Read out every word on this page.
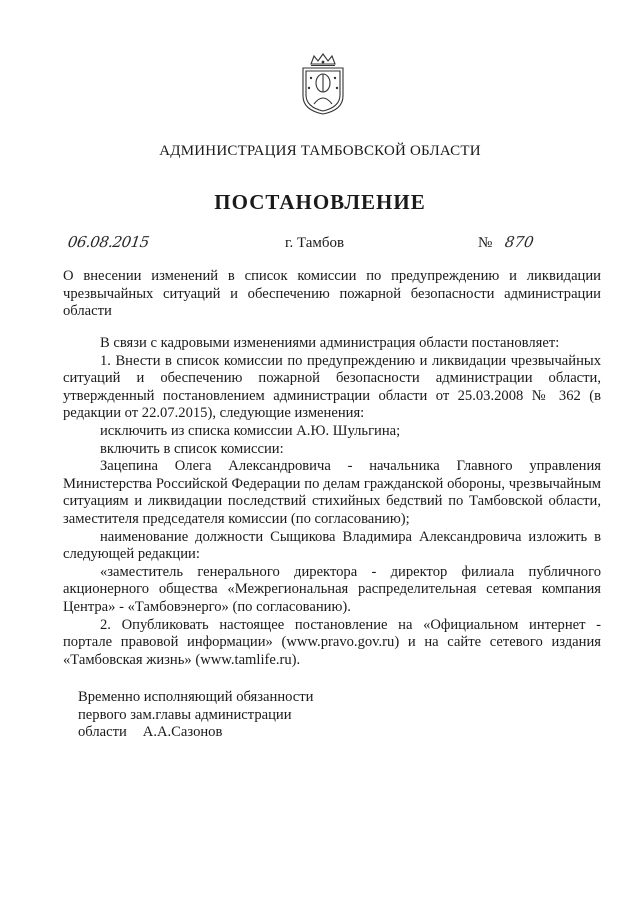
АДМИНИСТРАЦИЯ ТАМБОВСКОЙ ОБЛАСТИ
ПОСТАНОВЛЕНИЕ
06.08.2015	г. Тамбов	№ 870
О внесении изменений в список комиссии по предупреждению и ликвидации чрезвычайных ситуаций и обеспечению пожарной безопасности администрации области

В связи с кадровыми изменениями администрация области постановляет:

1. Внести в список комиссии по предупреждению и ликвидации чрезвычайных ситуаций и обеспечению пожарной безопасности администрации области, утвержденный постановлением администрации области от 25.03.2008 № 362 (в редакции от 22.07.2015), следующие изменения:

исключить из списка комиссии А.Ю. Шульгина;

включить в список комиссии:

Зацепина Олега Александровича - начальника Главного управления Министерства Российской Федерации по делам гражданской обороны, чрезвычайным ситуациям и ликвидации последствий стихийных бедствий по Тамбовской области, заместителя председателя комиссии (по согласованию);

наименование должности Сыщикова Владимира Александровича изложить в следующей редакции:

«заместитель генерального директора - директор филиала публичного акционерного общества «Межрегиональная распределительная сетевая компания Центра» - «Тамбовэнерго» (по согласованию).

2. Опубликовать настоящее постановление на «Официальном интернет - портале правовой информации» (www.pravo.gov.ru) и на сайте сетевого издания «Тамбовская жизнь» (www.tamlife.ru).

Временно исполняющий обязанности
первого зам.главы администрации
области А.А.Сазонов
